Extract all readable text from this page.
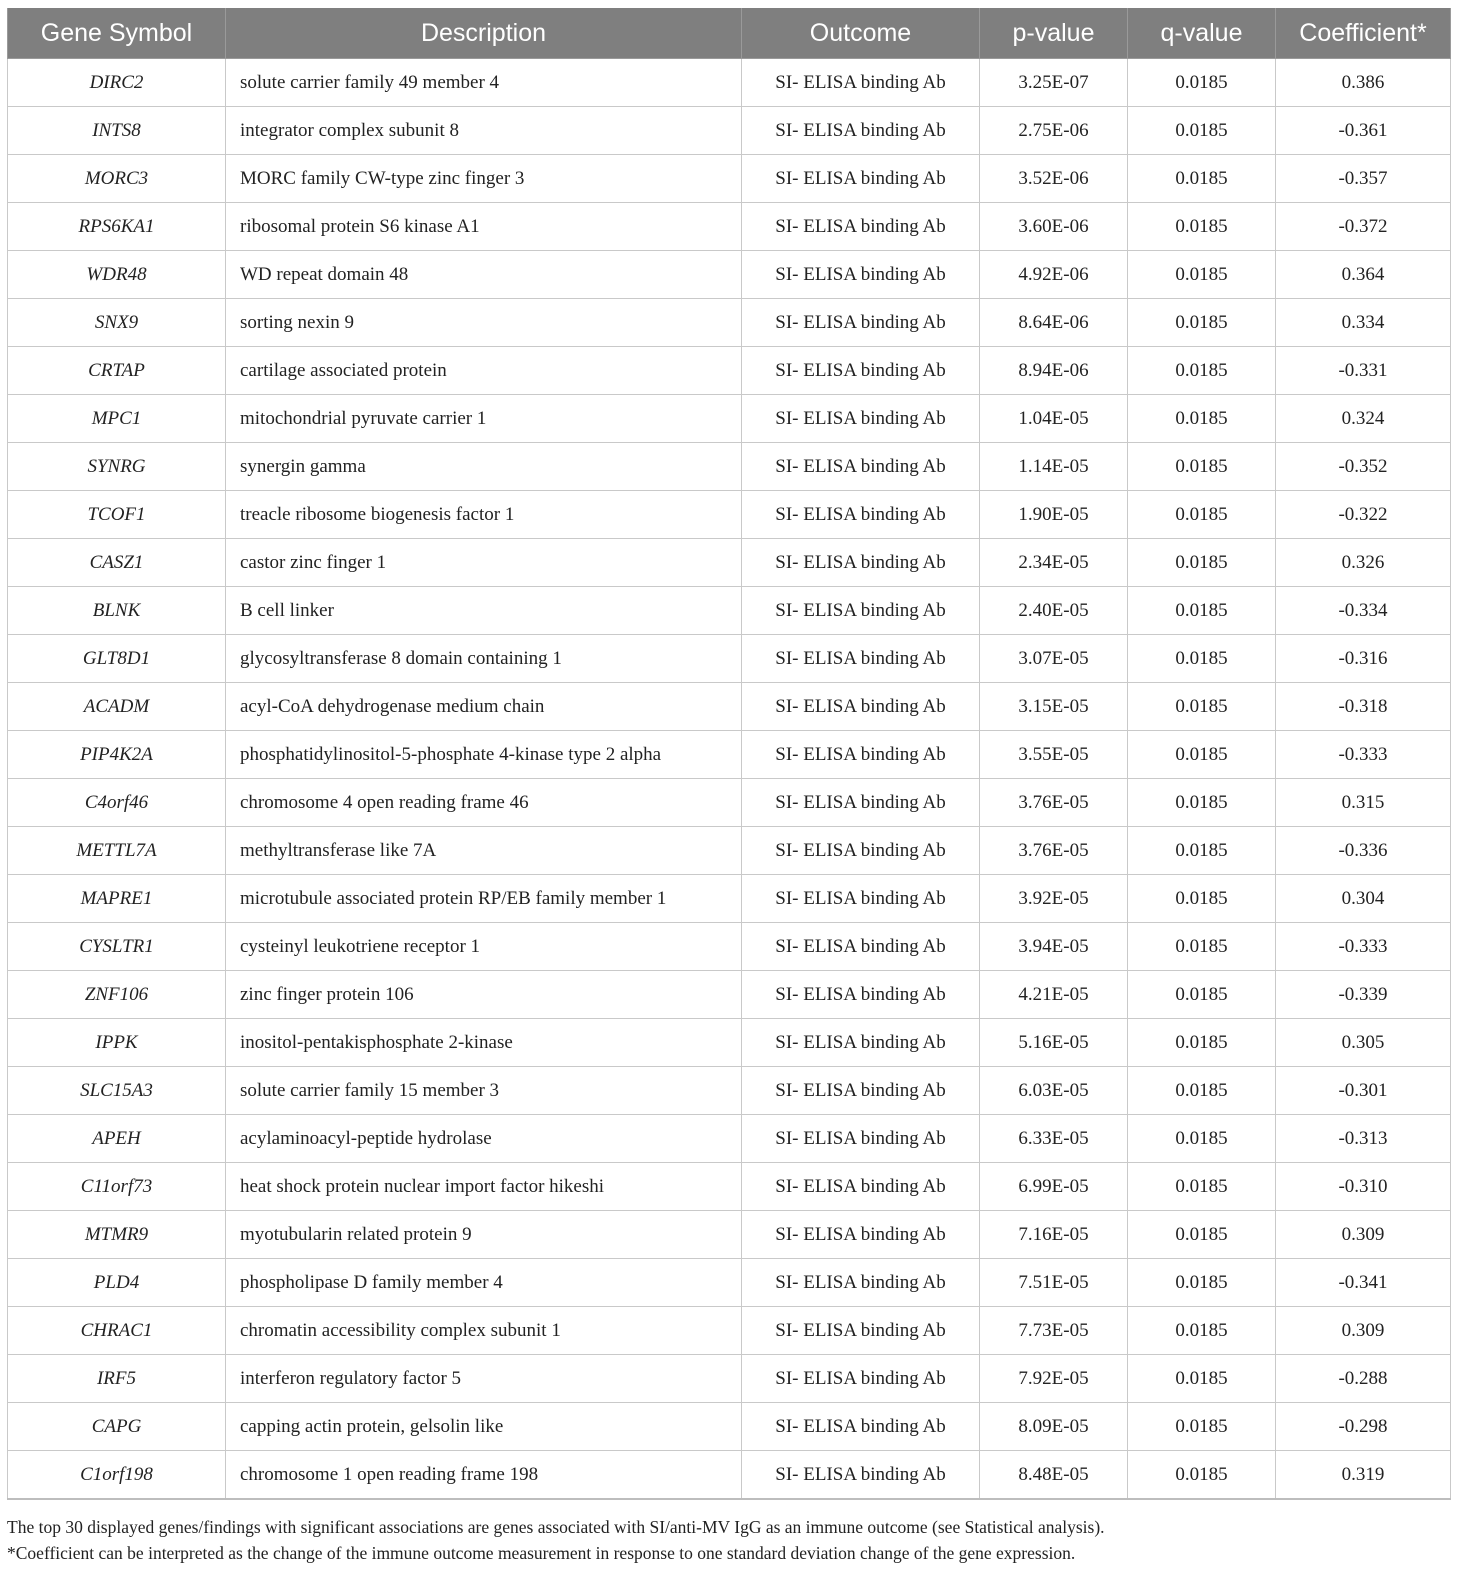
Gene Symbol	Description	Outcome	p-value	q-value	Coefficient*
DIRC2	solute carrier family 49 member 4	SI- ELISA binding Ab	3.25E-07	0.0185	0.386
INTS8	integrator complex subunit 8	SI- ELISA binding Ab	2.75E-06	0.0185	-0.361
MORC3	MORC family CW-type zinc finger 3	SI- ELISA binding Ab	3.52E-06	0.0185	-0.357
RPS6KA1	ribosomal protein S6 kinase A1	SI- ELISA binding Ab	3.60E-06	0.0185	-0.372
WDR48	WD repeat domain 48	SI- ELISA binding Ab	4.92E-06	0.0185	0.364
SNX9	sorting nexin 9	SI- ELISA binding Ab	8.64E-06	0.0185	0.334
CRTAP	cartilage associated protein	SI- ELISA binding Ab	8.94E-06	0.0185	-0.331
MPC1	mitochondrial pyruvate carrier 1	SI- ELISA binding Ab	1.04E-05	0.0185	0.324
SYNRG	synergin gamma	SI- ELISA binding Ab	1.14E-05	0.0185	-0.352
TCOF1	treacle ribosome biogenesis factor 1	SI- ELISA binding Ab	1.90E-05	0.0185	-0.322
CASZ1	castor zinc finger 1	SI- ELISA binding Ab	2.34E-05	0.0185	0.326
BLNK	B cell linker	SI- ELISA binding Ab	2.40E-05	0.0185	-0.334
GLT8D1	glycosyltransferase 8 domain containing 1	SI- ELISA binding Ab	3.07E-05	0.0185	-0.316
ACADM	acyl-CoA dehydrogenase medium chain	SI- ELISA binding Ab	3.15E-05	0.0185	-0.318
PIP4K2A	phosphatidylinositol-5-phosphate 4-kinase type 2 alpha	SI- ELISA binding Ab	3.55E-05	0.0185	-0.333
C4orf46	chromosome 4 open reading frame 46	SI- ELISA binding Ab	3.76E-05	0.0185	0.315
METTL7A	methyltransferase like 7A	SI- ELISA binding Ab	3.76E-05	0.0185	-0.336
MAPRE1	microtubule associated protein RP/EB family member 1	SI- ELISA binding Ab	3.92E-05	0.0185	0.304
CYSLTR1	cysteinyl leukotriene receptor 1	SI- ELISA binding Ab	3.94E-05	0.0185	-0.333
ZNF106	zinc finger protein 106	SI- ELISA binding Ab	4.21E-05	0.0185	-0.339
IPPK	inositol-pentakisphosphate 2-kinase	SI- ELISA binding Ab	5.16E-05	0.0185	0.305
SLC15A3	solute carrier family 15 member 3	SI- ELISA binding Ab	6.03E-05	0.0185	-0.301
APEH	acylaminoacyl-peptide hydrolase	SI- ELISA binding Ab	6.33E-05	0.0185	-0.313
C11orf73	heat shock protein nuclear import factor hikeshi	SI- ELISA binding Ab	6.99E-05	0.0185	-0.310
MTMR9	myotubularin related protein 9	SI- ELISA binding Ab	7.16E-05	0.0185	0.309
PLD4	phospholipase D family member 4	SI- ELISA binding Ab	7.51E-05	0.0185	-0.341
CHRAC1	chromatin accessibility complex subunit 1	SI- ELISA binding Ab	7.73E-05	0.0185	0.309
IRF5	interferon regulatory factor 5	SI- ELISA binding Ab	7.92E-05	0.0185	-0.288
CAPG	capping actin protein, gelsolin like	SI- ELISA binding Ab	8.09E-05	0.0185	-0.298
C1orf198	chromosome 1 open reading frame 198	SI- ELISA binding Ab	8.48E-05	0.0185	0.319
The top 30 displayed genes/findings with significant associations are genes associated with SI/anti-MV IgG as an immune outcome (see Statistical analysis).
*Coefficient can be interpreted as the change of the immune outcome measurement in response to one standard deviation change of the gene expression.
